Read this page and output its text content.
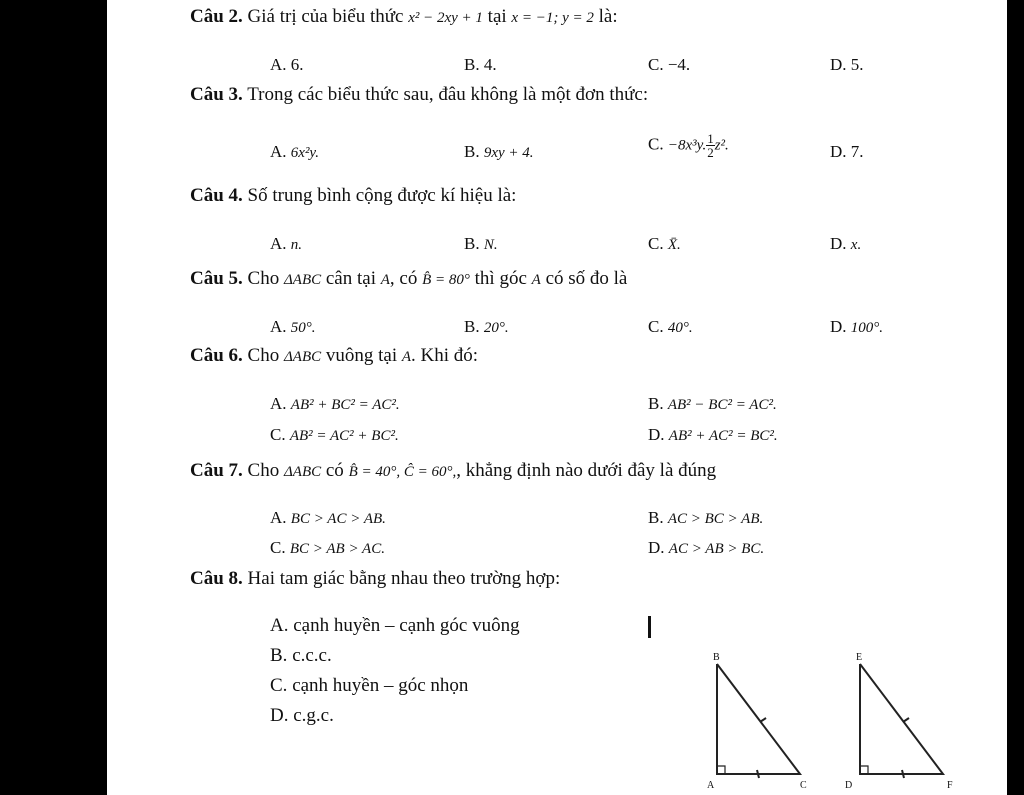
Câu 2. Giá trị của biểu thức x² − 2xy + 1 tại x = −1; y = 2 là:
A. 6.	B. 4.	C. −4.	D. 5.
Câu 3. Trong các biểu thức sau, đâu không là một đơn thức:
A. 6x²y.	B. 9xy + 4.	C. −8x³y. $\frac{1}{2} z^2$.	D. 7.
Câu 4. Số trung bình cộng được kí hiệu là:
A. n.	B. N.	C. X̄.	D. x.
Câu 5. Cho ΔABC cân tại A, có B̂ = 80° thì góc A có số đo là
A. 50°.	B. 20°.	C. 40°.	D. 100°.
Câu 6. Cho ΔABC vuông tại A. Khi đó:
A. AB² + BC² = AC².	B. AB² − BC² = AC².
C. AB² = AC² + BC².	D. AB² + AC² = BC².
Câu 7. Cho ΔABC có B̂ = 40°, Ĉ = 60°,, khẳng định nào dưới đây là đúng
A. BC > AC > AB.	B. AC > BC > AB.
C. BC > AB > AC.	D. AC > AB > BC.
Câu 8. Hai tam giác bằng nhau theo trường hợp:
A. cạnh huyền – cạnh góc vuông
B. c.c.c.
C. cạnh huyền – góc nhọn
D. c.g.c.
B
A	C
E
D	F
